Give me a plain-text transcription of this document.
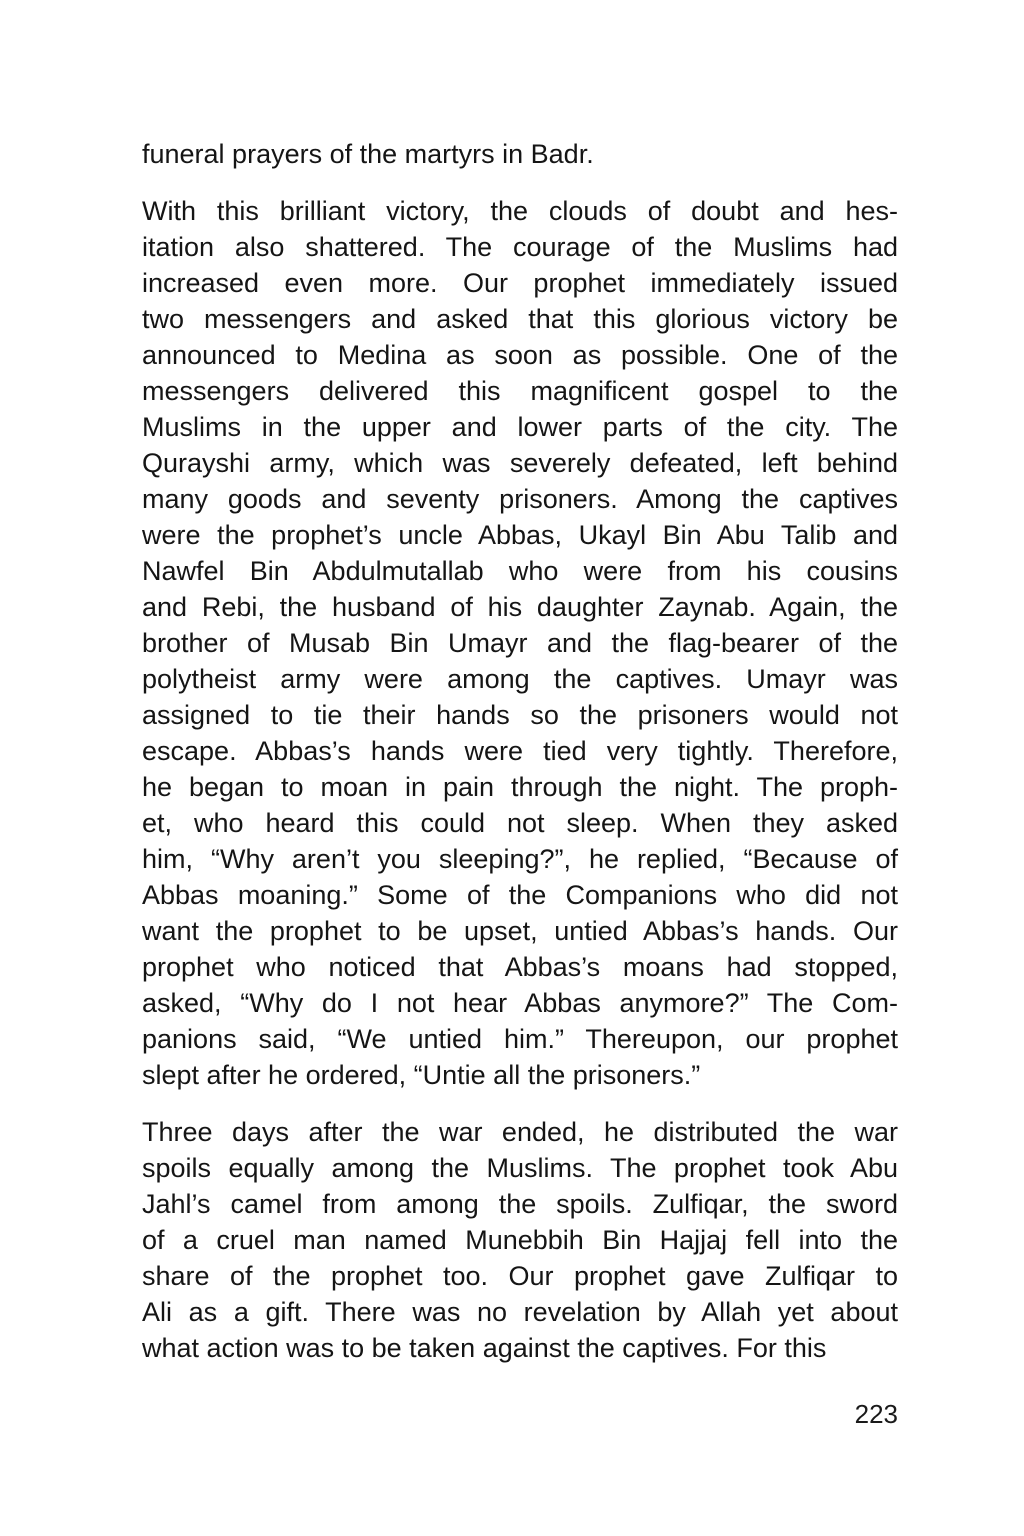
funeral prayers of the martyrs in Badr.

With this brilliant victory, the clouds of doubt and hes-
itation also shattered. The courage of the Muslims had
increased even more. Our prophet immediately issued
two messengers and asked that this glorious victory be
announced to Medina as soon as possible. One of the
messengers delivered this magnificent gospel to the
Muslims in the upper and lower parts of the city. The
Qurayshi army, which was severely defeated, left behind
many goods and seventy prisoners. Among the captives
were the prophet’s uncle Abbas, Ukayl Bin Abu Talib and
Nawfel Bin Abdulmutallab who were from his cousins
and Rebi, the husband of his daughter Zaynab. Again, the
brother of Musab Bin Umayr and the flag-bearer of the
polytheist army were among the captives. Umayr was
assigned to tie their hands so the prisoners would not
escape. Abbas’s hands were tied very tightly. Therefore,
he began to moan in pain through the night. The proph-
et, who heard this could not sleep. When they asked
him, “Why aren’t you sleeping?”, he replied, “Because of
Abbas moaning.” Some of the Companions who did not
want the prophet to be upset, untied Abbas’s hands. Our
prophet who noticed that Abbas’s moans had stopped,
asked, “Why do I not hear Abbas anymore?” The Com-
panions said, “We untied him.” Thereupon, our prophet
slept after he ordered, “Untie all the prisoners.”

Three days after the war ended, he distributed the war
spoils equally among the Muslims. The prophet took Abu
Jahl’s camel from among the spoils. Zulfiqar, the sword
of a cruel man named Munebbih Bin Hajjaj fell into the
share of the prophet too. Our prophet gave Zulfiqar to
Ali as a gift. There was no revelation by Allah yet about
what action was to be taken against the captives. For this

223
